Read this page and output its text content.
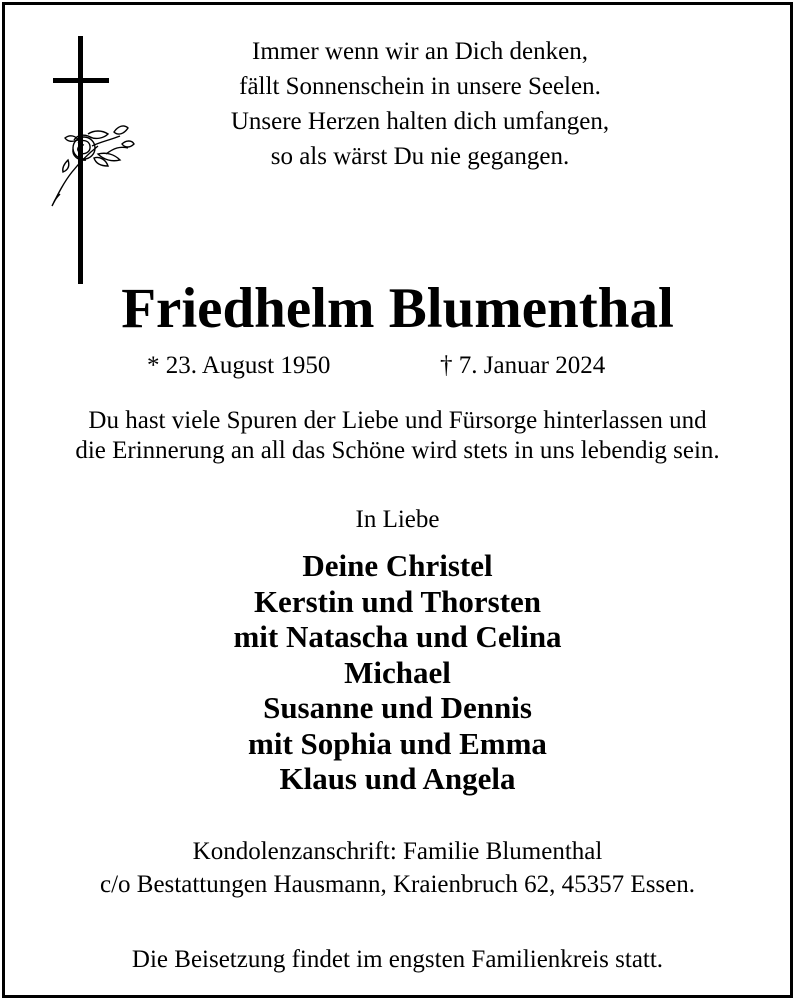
Immer wenn wir an Dich denken,
fällt Sonnenschein in unsere Seelen.
Unsere Herzen halten dich umfangen,
so als wärst Du nie gegangen.
Friedhelm Blumenthal
* 23. August 1950	† 7. Januar 2024
Du hast viele Spuren der Liebe und Fürsorge hinterlassen und
die Erinnerung an all das Schöne wird stets in uns lebendig sein.
In Liebe
Deine Christel
Kerstin und Thorsten
mit Natascha und Celina
Michael
Susanne und Dennis
mit Sophia und Emma
Klaus und Angela
Kondolenzanschrift: Familie Blumenthal
c/o Bestattungen Hausmann, Kraienbruch 62, 45357 Essen.
Die Beisetzung findet im engsten Familienkreis statt.
